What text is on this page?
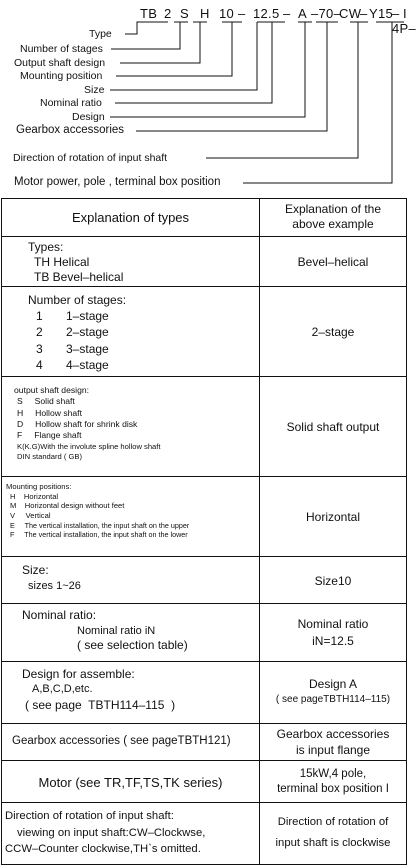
TB 2 S H 10 – 12.5 – A –70–
CW
– Y15
–4P–
I
Type
Number of stages
Output shaft design
Mounting position
Size
Nominal ratio
Design
Gearbox accessories
Direction of rotation of input shaft
Motor power, pole , terminal box position
Explanation of types
Explanation of the
above example
Types:
TH Helical
TB Bevel–helical
Bevel–helical
Number of stages:
1       1–stage
2       2–stage
3       3–stage
4       4–stage
2–stage
output shaft design:
S     Solid shaft
H     Hollow shaft
D     Hollow shaft for shrink disk
F     Flange shaft
K(K.G)With the involute spline hollow shaft
DIN standard ( GB)
Solid shaft output
Mounting positions:
H    Horizontal
M    Horizontal design without feet
V     Vertical
E     The vertical installation, the input shaft on the upper
F     The vertical installation, the input shaft on the lower
Horizontal
Size:
sizes 1~26	Size10
Nominal ratio:
Nominal ratio iN
( see selection table)
Nominal ratio
iN=12.5
Design for assemble:
A,B,C,D,etc.
( see page  TBTH114–115  )
Design A
( see pageTBTH114–115)
Gearbox accessories ( see pageTBTH121)	Gearbox accessories
is input flange
Motor (see TR,TF,TS,TK series)
15kW,4 pole,
terminal box position I
Direction of rotation of input shaft:
viewing on input shaft:CW–Clockwse,
CCW–Counter clockwise,TH`s omitted.
Direction of rotation of
input shaft is clockwise
